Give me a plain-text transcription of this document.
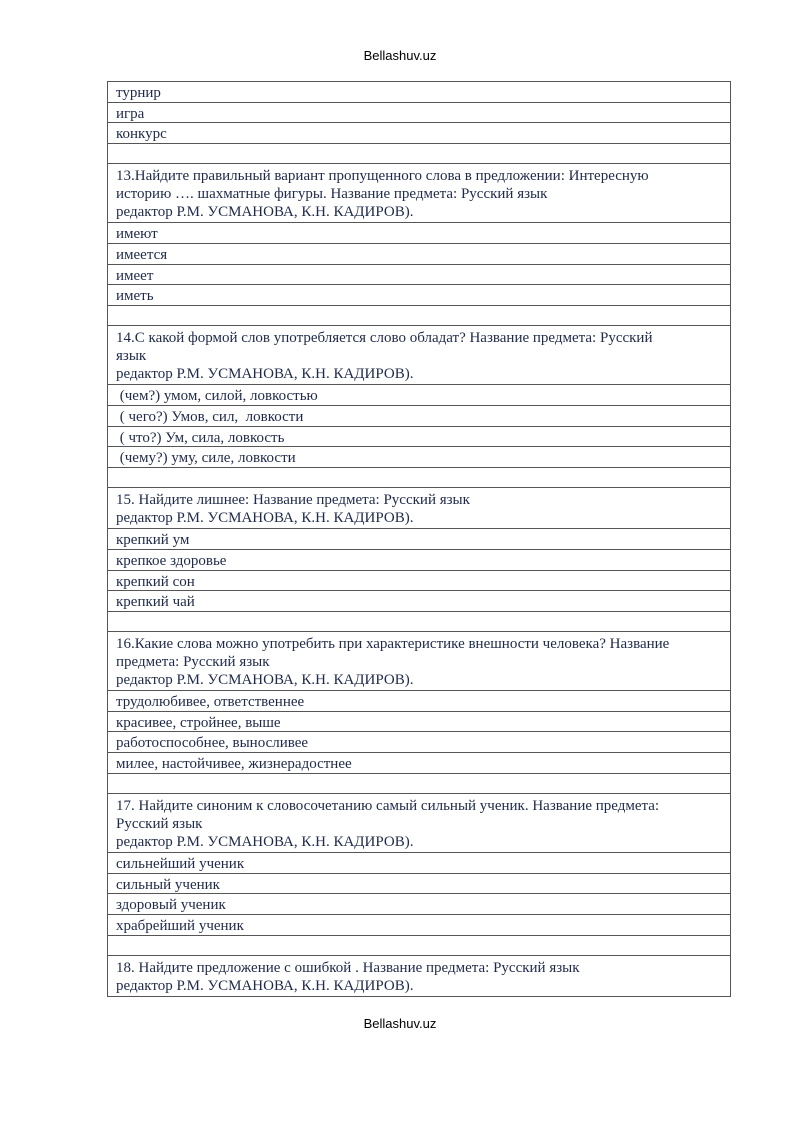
Bellashuv.uz
турнир
игра
конкурс
13.Найдите правильный вариант пропущенного слова в предложении: Интересную
историю …. шахматные фигуры. Название предмета: Русский язык
редактор Р.М. УСМАНОВА, К.Н. КАДИРОВ).
имеют
имеется
имеет
иметь
14.С какой формой слов употребляется слово обладат? Название предмета: Русский
язык
редактор Р.М. УСМАНОВА, К.Н. КАДИРОВ).
(чем?) умом, силой, ловкостью
( чего?) Умов, сил,  ловкости
( что?) Ум, сила, ловкость
(чему?) уму, силе, ловкости
15. Найдите лишнее: Название предмета: Русский язык
редактор Р.М. УСМАНОВА, К.Н. КАДИРОВ).
крепкий ум
крепкое здоровье
крепкий сон
крепкий чай
16.Какие слова можно употребить при характеристике внешности человека? Название
предмета: Русский язык
редактор Р.М. УСМАНОВА, К.Н. КАДИРОВ).
трудолюбивее, ответственнее
красивее, стройнее, выше
работоспособнее, выносливее
милее, настойчивее, жизнерадостнее
17. Найдите синоним к словосочетанию самый сильный ученик. Название предмета:
Русский язык
редактор Р.М. УСМАНОВА, К.Н. КАДИРОВ).
сильнейший ученик
сильный ученик
здоровый ученик
храбрейший ученик
18. Найдите предложение с ошибкой . Название предмета: Русский язык
редактор Р.М. УСМАНОВА, К.Н. КАДИРОВ).
Bellashuv.uz
